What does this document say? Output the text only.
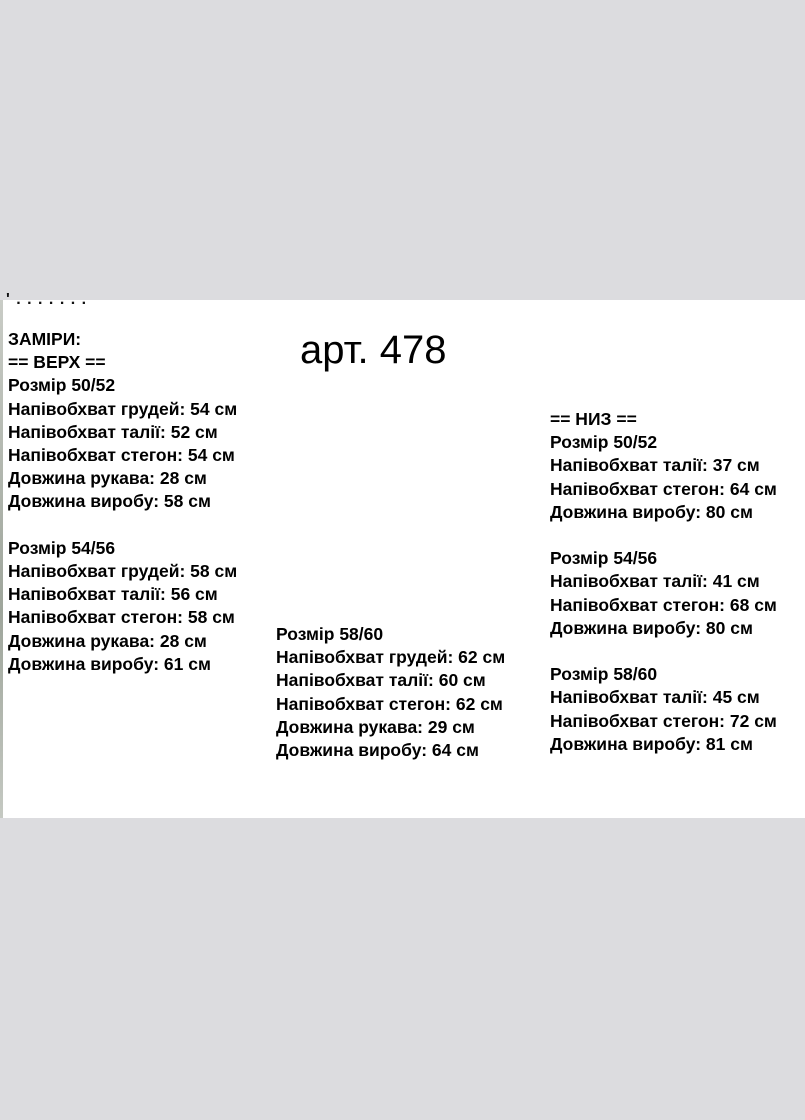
' . . . . . . .
арт. 478
ЗАМІРИ:
== ВЕРХ ==
Розмір 50/52
Напівобхват грудей: 54 см
Напівобхват талії: 52 см
Напівобхват стегон: 54 см
Довжина рукава: 28 см
Довжина виробу: 58 см
Розмір 54/56
Напівобхват грудей: 58 см
Напівобхват талії: 56 см
Напівобхват стегон: 58 см
Довжина рукава: 28 см
Довжина виробу: 61 см
Розмір 58/60
Напівобхват грудей: 62 см
Напівобхват талії: 60 см
Напівобхват стегон: 62 см
Довжина рукава: 29 см
Довжина виробу: 64 см
== НИЗ ==
Розмір 50/52
Напівобхват талії: 37 см
Напівобхват стегон: 64 см
Довжина виробу: 80 см
Розмір 54/56
Напівобхват талії: 41 см
Напівобхват стегон: 68 см
Довжина виробу: 80 см
Розмір 58/60
Напівобхват талії: 45 см
Напівобхват стегон: 72 см
Довжина виробу: 81 см
